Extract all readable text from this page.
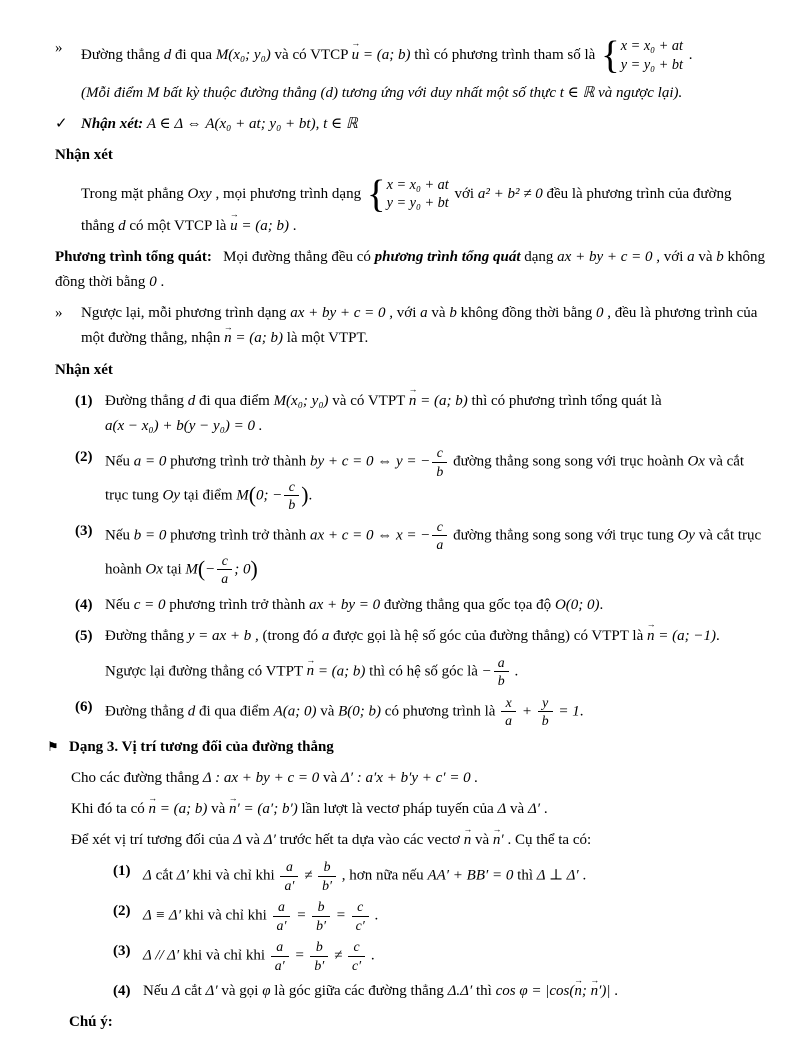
» Đường thẳng d đi qua M(x₀; y₀) và có VTCP u → = (a; b) thì có phương trình tham số là { x = x₀ + at
y = y₀ + bt
.
(Mỗi điểm M bất kỳ thuộc đường thẳng (d) tương ứng với duy nhất một số thực t ∈ ℝ và ngược lại).
✓ Nhận xét: A ∈ Δ ⇔ A(x₀ + at; y₀ + bt), t ∈ ℝ
Nhận xét
Trong mặt phẳng Oxy , mọi phương trình dạng { x = x₀ + at
y = y₀ + bt
với a² + b² ≠ 0 đều là phương trình của đường thẳng d có một VTCP là u → = (a; b) .
Phương trình tổng quát:   Mọi đường thẳng đều có phương trình tổng quát dạng ax + by + c = 0 , với a và b không đồng thời bằng 0 .
» Ngược lại, mỗi phương trình dạng ax + by + c = 0 , với a và b không đồng thời bằng 0 , đều là phương trình của một đường thẳng, nhận n → = (a; b) là một VTPT.
Nhận xét
(1) Đường thẳng d đi qua điểm M(x₀; y₀) và có VTPT n → = (a; b) thì có phương trình tổng quát là
a(x − x₀) + b(y − y₀) = 0 .
(2) Nếu a = 0 phương trình trở thành by + c = 0 ⇔ y = − $\frac{c}{b}$ đường thẳng song song với trục hoành Ox và cắt trục tung Oy tại điểm M(0; − $\frac{c}{b}$ ).
(3) Nếu b = 0 phương trình trở thành ax + c = 0 ⇔ x = − $\frac{c}{a}$ đường thẳng song song với trục tung Oy và cắt trục hoành Ox tại $M(- \frac{c}{a}$ ; 0)
(4) Nếu c = 0 phương trình trở thành ax + by = 0 đường thẳng qua gốc tọa độ O(0; 0).
(5) Đường thẳng y = ax + b , (trong đó a được gọi là hệ số góc của đường thẳng) có VTPT là n → = (a; −1).
Ngược lại đường thẳng có VTPT n → = (a; b) thì có hệ số góc là − $\frac{a}{b}$ .
(6) Đường thẳng d đi qua điểm A(a; 0) và B(0; b) có phương trình là $\frac{x}{a} + \frac{y}{b} = 1$.
⚑ Dạng 3. Vị trí tương đối của đường thẳng
Cho các đường thẳng Δ : ax + by + c = 0 và Δ′ : a′x + b′y + c′ = 0 .
Khi đó ta có n → = (a; b) và n →′ = (a′; b′) lần lượt là vectơ pháp tuyến của Δ và Δ′ .
Để xét vị trí tương đối của Δ và Δ′ trước hết ta dựa vào các vectơ n → và n →′ . Cụ thể ta có:
(1) Δ cắt Δ′ khi và chỉ khi $\frac{a}{a'} \ne \frac{b}{b'}$ , hơn nữa nếu AA′ + BB′ = 0 thì Δ ⊥ Δ′ .
(2) Δ ≡ Δ′ khi và chỉ khi $\frac{a}{a'} = \frac{b}{b'} = \frac{c}{c'}$ .
(3) Δ // Δ′ khi và chỉ khi $\frac{a}{a'} = \frac{b}{b'} \ne \frac{c}{c'}$ .
(4) Nếu Δ cắt Δ′ và gọi φ là góc giữa các đường thẳng Δ.Δ′ thì cos φ = |cos(n →; n →′)| .
Chú ý:
